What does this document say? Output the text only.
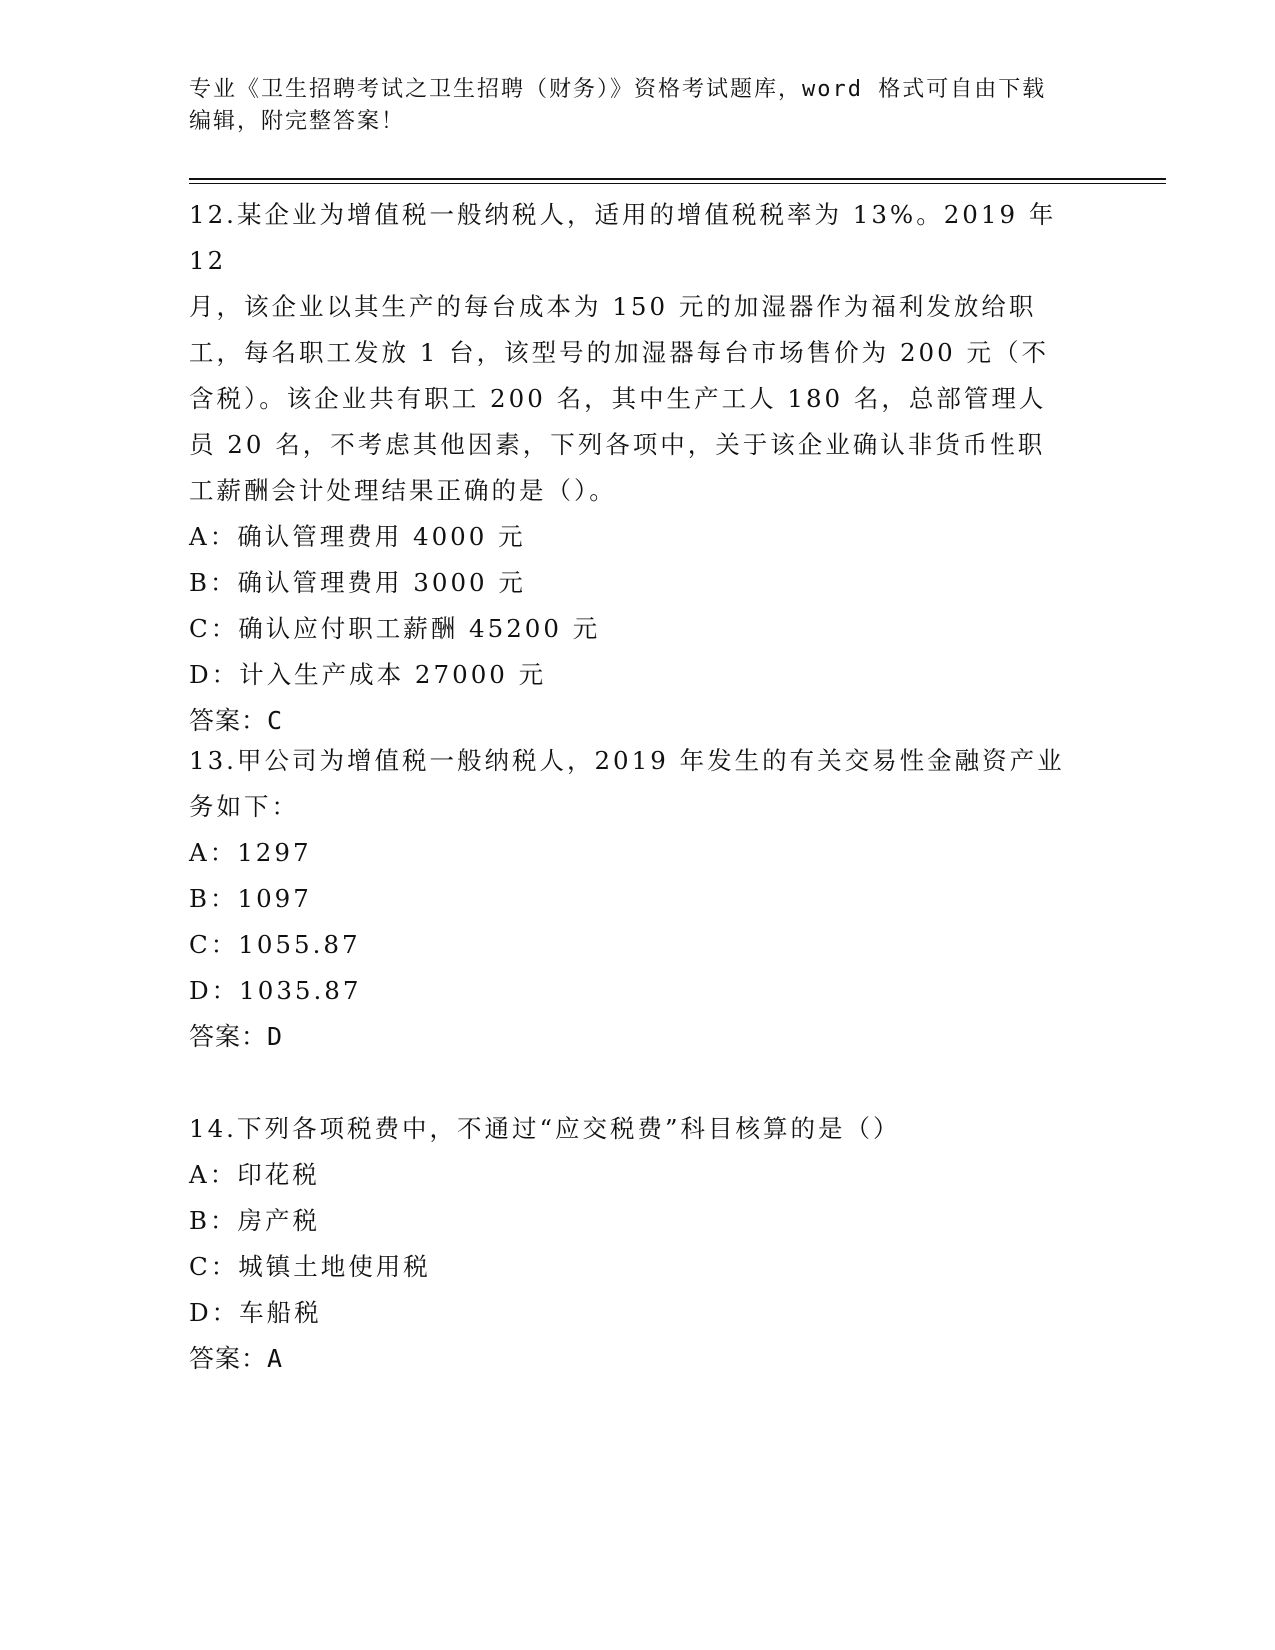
专业《卫生招聘考试之卫生招聘（财务）》资格考试题库，word 格式可自由下载
编辑，附完整答案！

12.某企业为增值税一般纳税人，适用的增值税税率为 13%。2019 年 12

月，该企业以其生产的每台成本为 150 元的加湿器作为福利发放给职

工，每名职工发放 1 台，该型号的加湿器每台市场售价为 200 元（不

含税）。该企业共有职工 200 名，其中生产工人 180 名，总部管理人

员 20 名，不考虑其他因素，下列各项中，关于该企业确认非货币性职

工薪酬会计处理结果正确的是（）。

A：确认管理费用 4000 元

B：确认管理费用 3000 元

C：确认应付职工薪酬 45200 元

D：计入生产成本 27000 元

答案：C

13.甲公司为增值税一般纳税人，2019 年发生的有关交易性金融资产业

务如下：

A：1297

B：1097

C：1055.87

D：1035.87

答案：D

14.下列各项税费中，不通过“应交税费”科目核算的是（）

A：印花税

B：房产税

C：城镇土地使用税

D：车船税

答案：A
